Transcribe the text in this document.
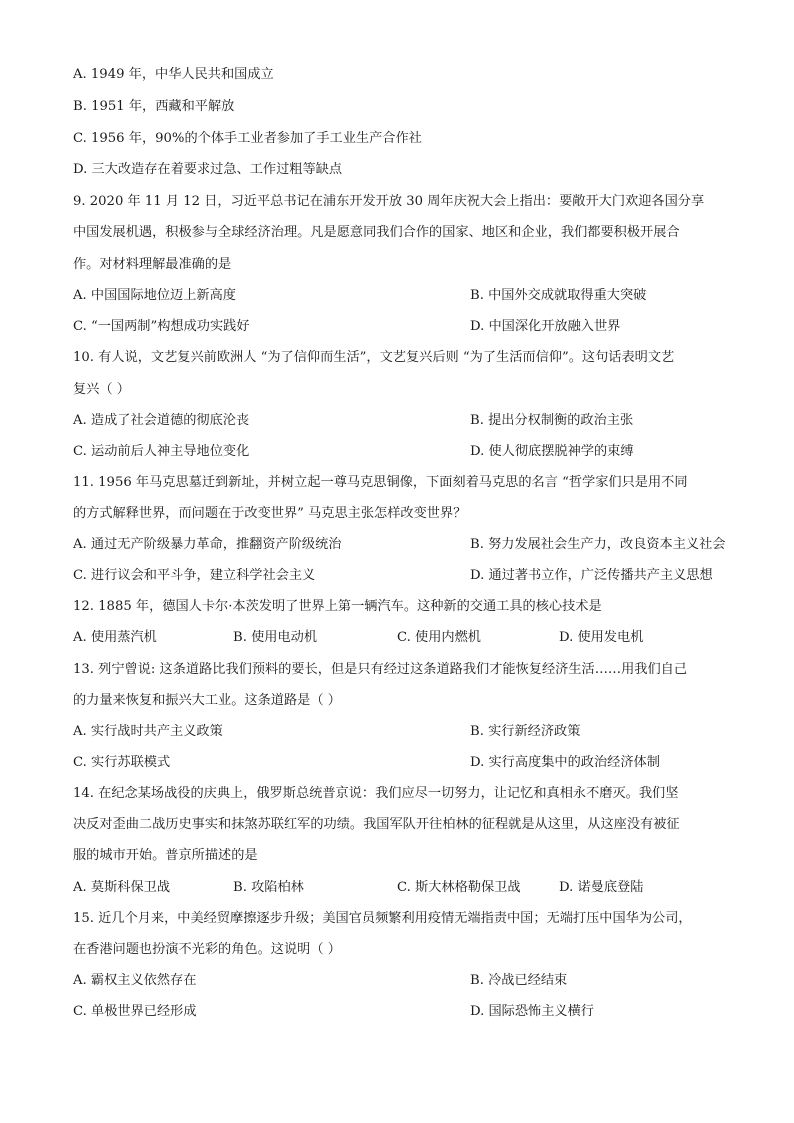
A. 1949 年，中华人民共和国成立
B. 1951 年，西藏和平解放
C. 1956 年，90%的个体手工业者参加了手工业生产合作社
D. 三大改造存在着要求过急、工作过粗等缺点
9. 2020 年 11 月 12 日，习近平总书记在浦东开发开放 30 周年庆祝大会上指出：要敞开大门欢迎各国分享
中国发展机遇，积极参与全球经济治理。凡是愿意同我们合作的国家、地区和企业，我们都要积极开展合
作。对材料理解最准确的是
A. 中国国际地位迈上新高度	B. 中国外交成就取得重大突破
C. “一国两制”构想成功实践好	D. 中国深化开放融入世界
10. 有人说，文艺复兴前欧洲人 “为了信仰而生活”，文艺复兴后则 “为了生活而信仰”。这句话表明文艺
复兴（ ）
A. 造成了社会道德的彻底沦丧	B. 提出分权制衡的政治主张
C. 运动前后人神主导地位变化	D. 使人彻底摆脱神学的束缚
11. 1956 年马克思墓迁到新址，并树立起一尊马克思铜像，下面刻着马克思的名言 “哲学家们只是用不同
的方式解释世界，而问题在于改变世界” 马克思主张怎样改变世界？
A. 通过无产阶级暴力革命，推翻资产阶级统治	B. 努力发展社会生产力，改良资本主义社会
C. 进行议会和平斗争，建立科学社会主义	D. 通过著书立作，广泛传播共产主义思想
12. 1885 年，德国人卡尔·本茨发明了世界上第一辆汽车。这种新的交通工具的核心技术是
A. 使用蒸汽机	B. 使用电动机	C. 使用内燃机	D. 使用发电机
13. 列宁曾说: 这条道路比我们预料的要长，但是只有经过这条道路我们才能恢复经济生活……用我们自己
的力量来恢复和振兴大工业。这条道路是（ ）
A. 实行战时共产主义政策	B. 实行新经济政策
C. 实行苏联模式	D. 实行高度集中的政治经济体制
14. 在纪念某场战役的庆典上，俄罗斯总统普京说：我们应尽一切努力，让记忆和真相永不磨灭。我们坚
决反对歪曲二战历史事实和抹煞苏联红军的功绩。我国军队开往柏林的征程就是从这里，从这座没有被征
服的城市开始。普京所描述的是
A. 莫斯科保卫战	B. 攻陷柏林	C. 斯大林格勒保卫战	D. 诺曼底登陆
15. 近几个月来，中美经贸摩擦逐步升级；美国官员频繁利用疫情无端指责中国；无端打压中国华为公司，
在香港问题也扮演不光彩的角色。这说明（ ）
A. 霸权主义依然存在	B. 冷战已经结束
C. 单极世界已经形成	D. 国际恐怖主义横行
